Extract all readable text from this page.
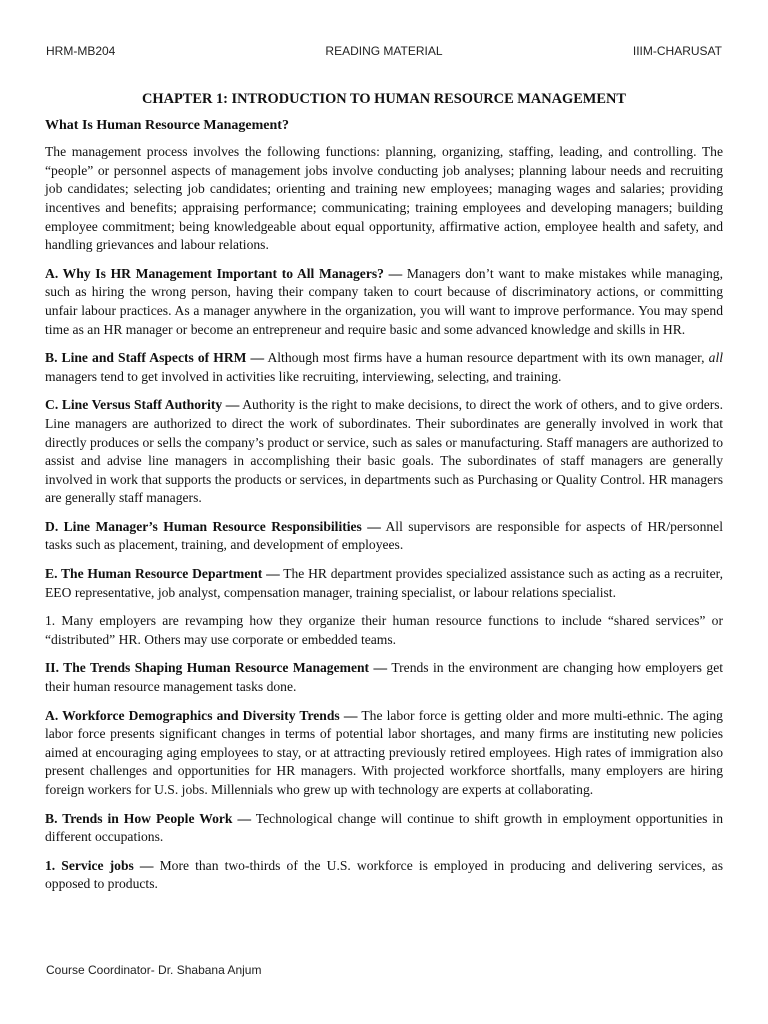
HRM-MB204	READING MATERIAL	IIIM-CHARUSAT
CHAPTER 1: INTRODUCTION TO HUMAN RESOURCE MANAGEMENT
What Is Human Resource Management?

The management process involves the following functions: planning, organizing, staffing, leading, and controlling. The “people” or personnel aspects of management jobs involve conducting job analyses; planning labour needs and recruiting job candidates; selecting job candidates; orienting and training new employees; managing wages and salaries; providing incentives and benefits; appraising performance; communicating; training employees and developing managers; building employee commitment; being knowledgeable about equal opportunity, affirmative action, employee health and safety, and handling grievances and labour relations.

A. Why Is HR Management Important to All Managers? — Managers don’t want to make mistakes while managing, such as hiring the wrong person, having their company taken to court because of discriminatory actions, or committing unfair labour practices. As a manager anywhere in the organization, you will want to improve performance. You may spend time as an HR manager or become an entrepreneur and require basic and some advanced knowledge and skills in HR.

B. Line and Staff Aspects of HRM — Although most firms have a human resource department with its own manager, all managers tend to get involved in activities like recruiting, interviewing, selecting, and training.

C. Line Versus Staff Authority — Authority is the right to make decisions, to direct the work of others, and to give orders. Line managers are authorized to direct the work of subordinates. Their subordinates are generally involved in work that directly produces or sells the company’s product or service, such as sales or manufacturing. Staff managers are authorized to assist and advise line managers in accomplishing their basic goals. The subordinates of staff managers are generally involved in work that supports the products or services, in departments such as Purchasing or Quality Control. HR managers are generally staff managers.

D. Line Manager’s Human Resource Responsibilities — All supervisors are responsible for aspects of HR/personnel tasks such as placement, training, and development of employees.

E. The Human Resource Department — The HR department provides specialized assistance such as acting as a recruiter, EEO representative, job analyst, compensation manager, training specialist, or labour relations specialist.

1. Many employers are revamping how they organize their human resource functions to include “shared services” or “distributed” HR. Others may use corporate or embedded teams.

II. The Trends Shaping Human Resource Management — Trends in the environment are changing how employers get their human resource management tasks done.

A. Workforce Demographics and Diversity Trends — The labor force is getting older and more multi-ethnic. The aging labor force presents significant changes in terms of potential labor shortages, and many firms are instituting new policies aimed at encouraging aging employees to stay, or at attracting previously retired employees. High rates of immigration also present challenges and opportunities for HR managers. With projected workforce shortfalls, many employers are hiring foreign workers for U.S. jobs. Millennials who grew up with technology are experts at collaborating.

B. Trends in How People Work — Technological change will continue to shift growth in employment opportunities in different occupations.

1. Service jobs — More than two-thirds of the U.S. workforce is employed in producing and delivering services, as opposed to products.

Course Coordinator- Dr. Shabana Anjum
